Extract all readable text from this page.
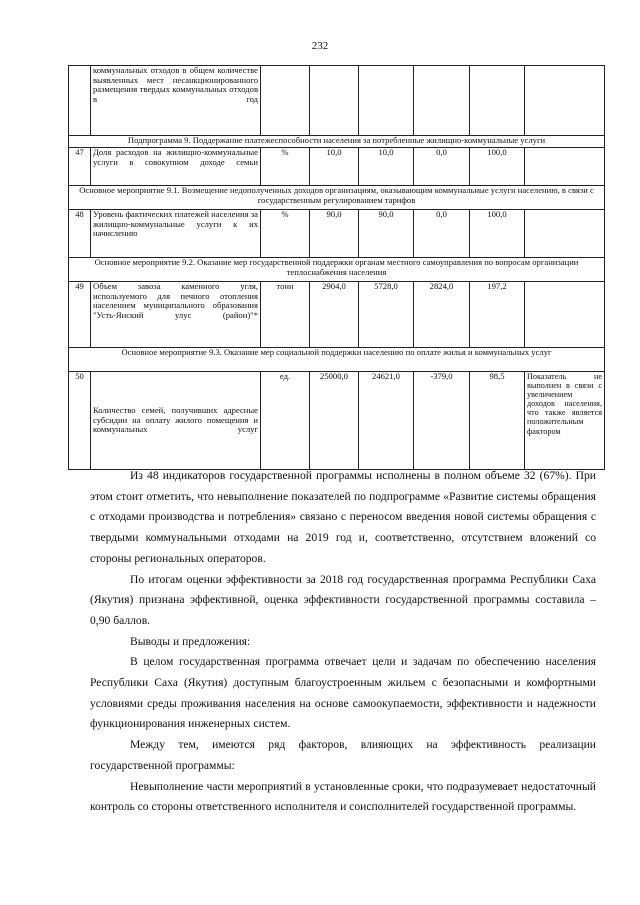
232
	коммунальных отходов в общем количестве выявленных мест несанкционированного размещения твердых коммунальных отходов в год						
Подпрограмма 9. Поддержание платежеспособности населения за потребленные жилищно-коммунальные услуги							
47	Доля расходов на жилищно-коммунальные услуги в совокупном доходе семьи	%	10,0	10,0	0,0	100,0	
Основное мероприятие 9.1. Возмещение недополученных доходов организациям, оказывающим коммунальные услуги населению, в связи с государственным регулированием тарифов							
48	Уровень фактических платежей населения за жилищно-коммунальные услуги к их начислению	%	90,0	90,0	0,0	100,0	
Основное мероприятие 9.2. Оказание мер государственной поддержки органам местного самоуправления по вопросам организации теплоснабжения населения							
49	Объем завоза каменного угля, используемого для печного отопления населением муниципального образования "Усть-Янский улус (район)"*	тонн	2904,0	5728,0	2824,0	197,2	
Основное мероприятие 9.3. Оказание мер социальной поддержки населению по оплате жилья и коммунальных услуг							
50	Количество семей, получивших адресные субсидии на оплату жилого помещения и коммунальных услуг	ед.	25000,0	24621,0	-379,0	98,5	Показатель не выполнен в связи с увеличением доходов населения, что также является положительным фактором

Из 48 индикаторов государственной программы исполнены в полном объеме 32 (67%). При этом стоит отметить, что невыполнение показателей по подпрограмме «Развитие системы обращения с отходами производства и потребления» связано с переносом введения новой системы обращения с твердыми коммунальными отходами на 2019 год и, соответственно, отсутствием вложений со стороны региональных операторов.

По итогам оценки эффективности за 2018 год государственная программа Республики Саха (Якутия) признана эффективной, оценка эффективности государственной программы составила – 0,90 баллов.

Выводы и предложения:

В целом государственная программа отвечает цели и задачам по обеспечению населения Республики Саха (Якутия) доступным благоустроенным жильем с безопасными и комфортными условиями среды проживания населения на основе самоокупаемости, эффективности и надежности функционирования инженерных систем.

Между тем, имеются ряд факторов, влияющих на эффективность реализации государственной программы:

Невыполнение части мероприятий в установленные сроки, что подразумевает недостаточный контроль со стороны ответственного исполнителя и соисполнителей государственной программы.
